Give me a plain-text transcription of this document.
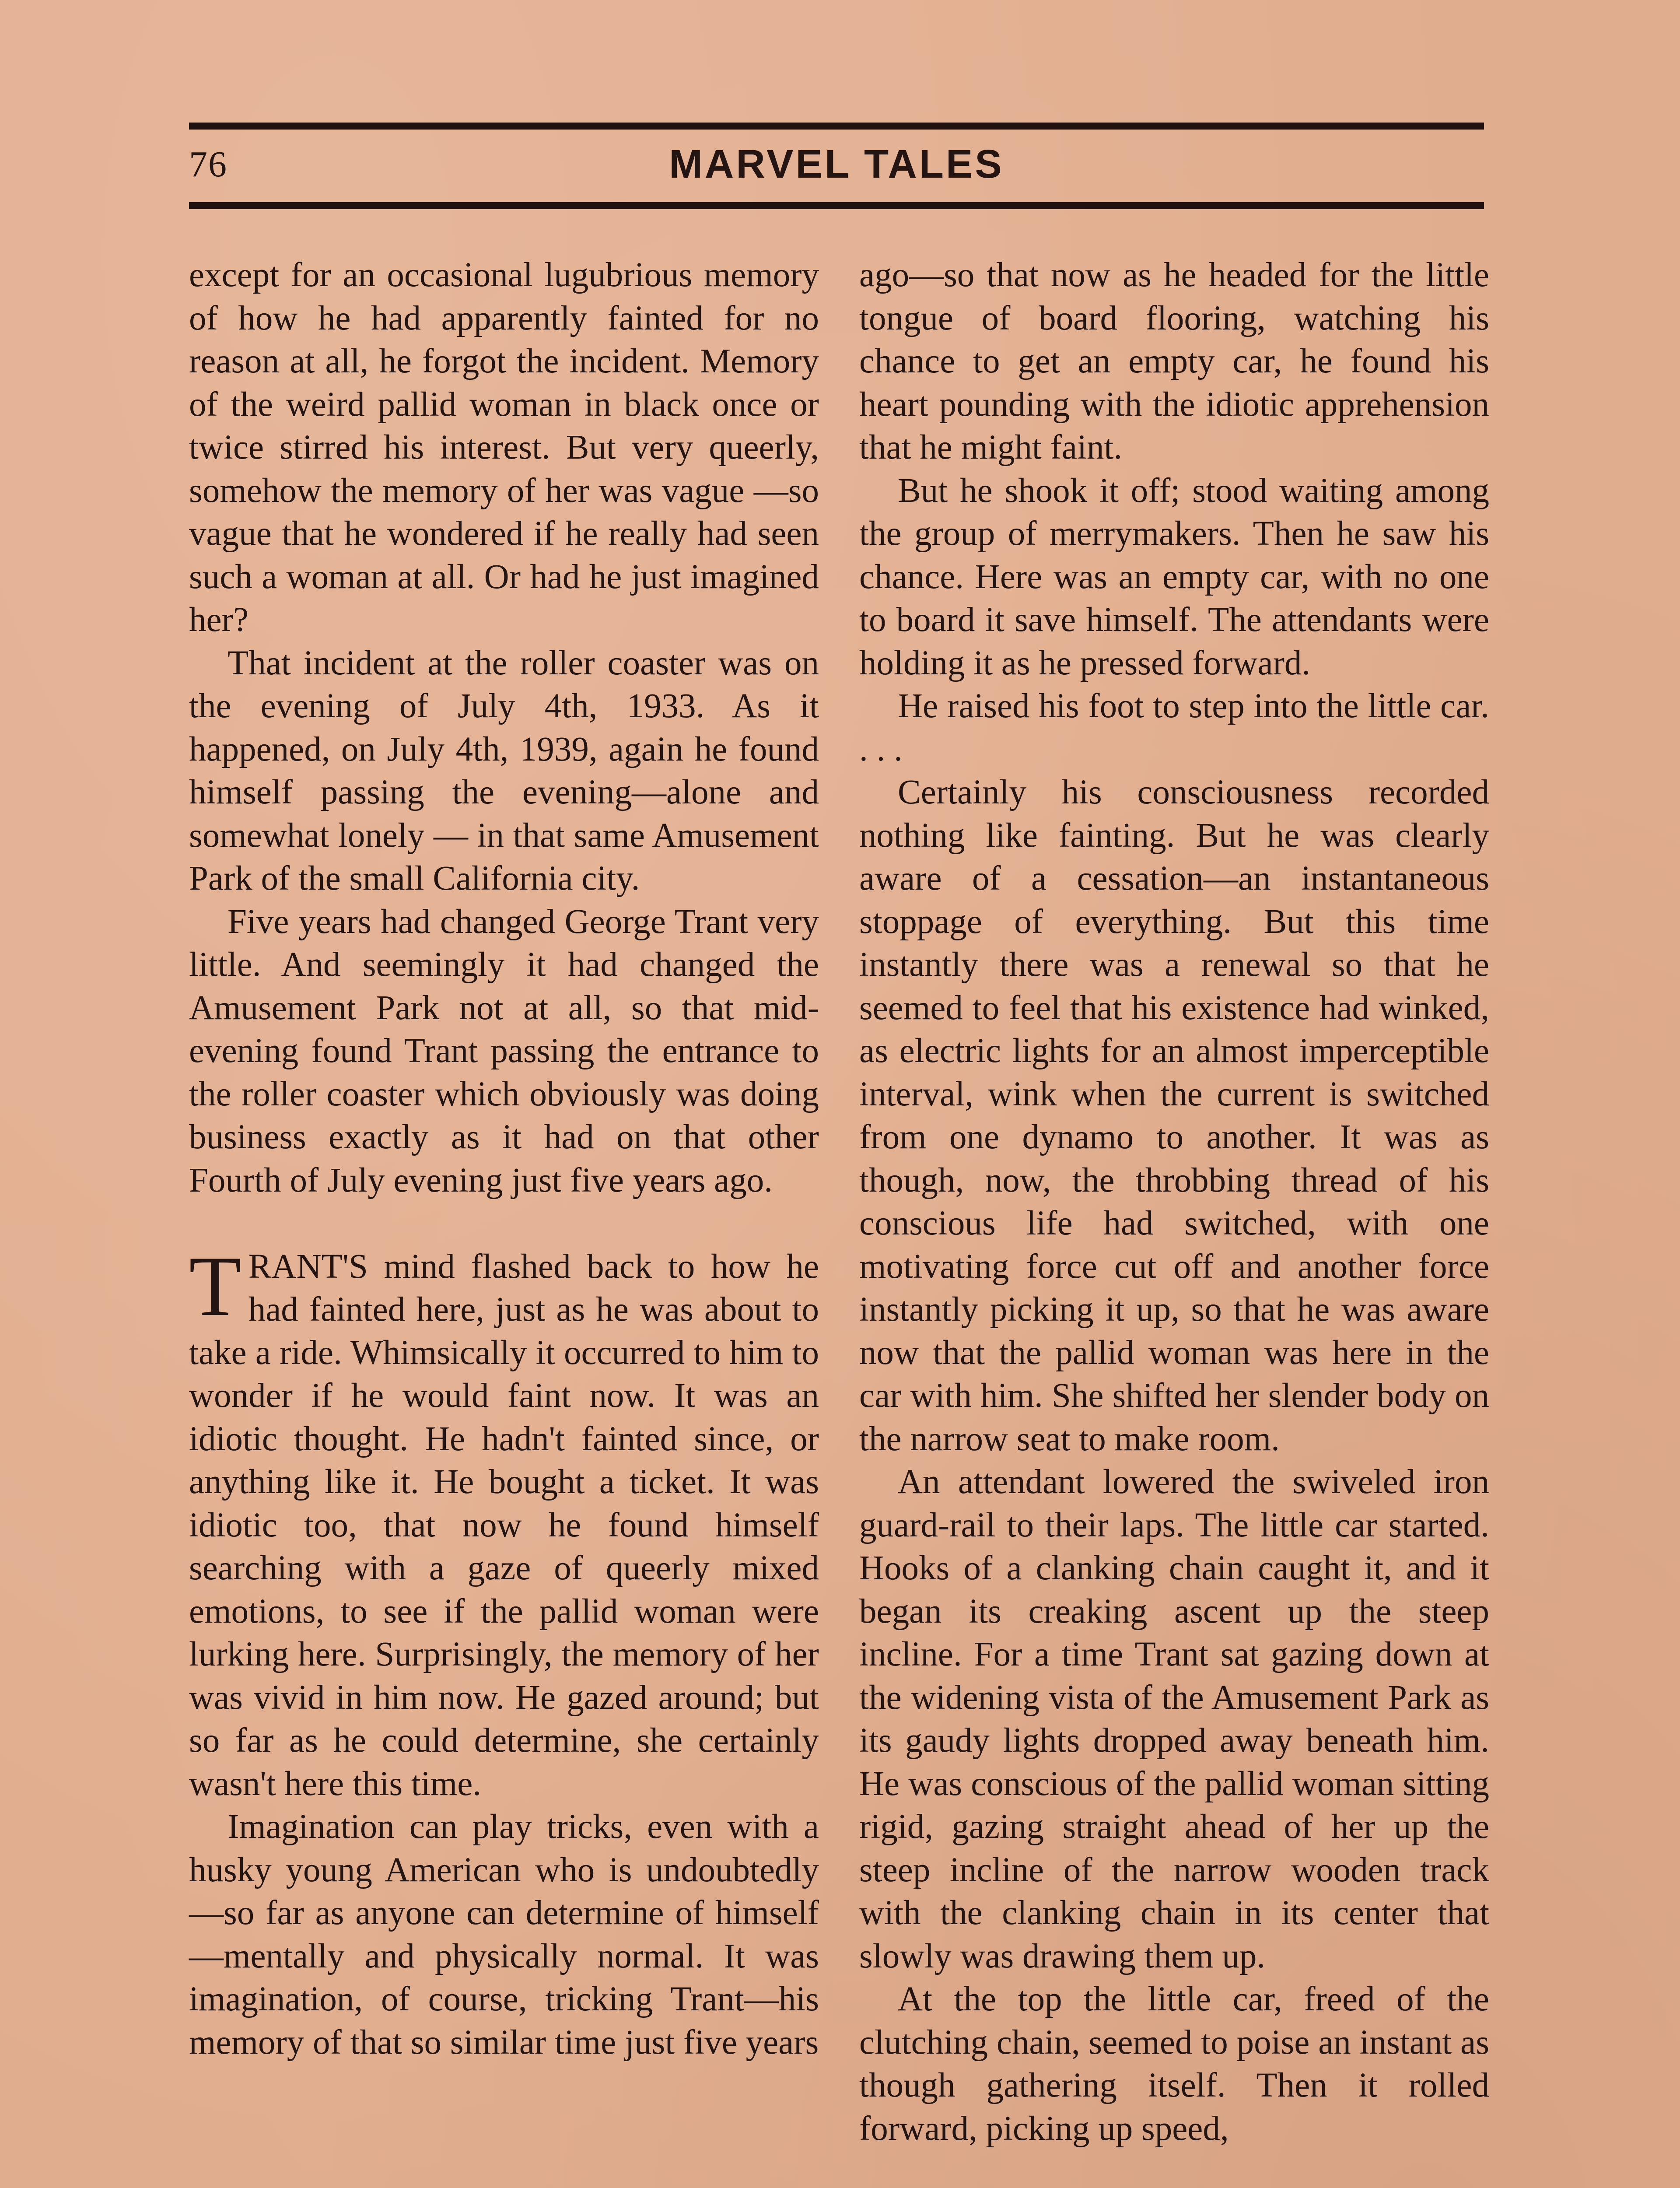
76	MARVEL TALES

except for an occasional lugubrious memory of how he had apparently fainted for no reason at all, he forgot the incident. Memory of the weird pallid woman in black once or twice stirred his interest. But very queerly, somehow the memory of her was vague —so vague that he wondered if he really had seen such a woman at all. Or had he just imagined her?

That incident at the roller coaster was on the evening of July 4th, 1933. As it happened, on July 4th, 1939, again he found himself passing the evening—alone and somewhat lonely — in that same Amusement Park of the small California city.

Five years had changed George Trant very little. And seemingly it had changed the Amusement Park not at all, so that mid-evening found Trant passing the entrance to the roller coaster which obviously was doing business exactly as it had on that other Fourth of July evening just five years ago.

TRANT'S mind flashed back to how he had fainted here, just as he was about to take a ride. Whimsically it occurred to him to wonder if he would faint now. It was an idiotic thought. He hadn't fainted since, or anything like it. He bought a ticket. It was idiotic too, that now he found himself searching with a gaze of queerly mixed emotions, to see if the pallid woman were lurking here. Surprisingly, the memory of her was vivid in him now. He gazed around; but so far as he could determine, she certainly wasn't here this time.

Imagination can play tricks, even with a husky young American who is undoubtedly—so far as anyone can determine of himself—mentally and physically normal. It was imagination, of course, tricking Trant—his memory of that so similar time just five years

ago—so that now as he headed for the little tongue of board flooring, watching his chance to get an empty car, he found his heart pounding with the idiotic apprehension that he might faint.

But he shook it off; stood waiting among the group of merrymakers. Then he saw his chance. Here was an empty car, with no one to board it save himself. The attendants were holding it as he pressed forward.

He raised his foot to step into the little car. . . .

Certainly his consciousness recorded nothing like fainting. But he was clearly aware of a cessation—an instantaneous stoppage of everything. But this time instantly there was a renewal so that he seemed to feel that his existence had winked, as electric lights for an almost imperceptible interval, wink when the current is switched from one dynamo to another. It was as though, now, the throbbing thread of his conscious life had switched, with one motivating force cut off and another force instantly picking it up, so that he was aware now that the pallid woman was here in the car with him. She shifted her slender body on the narrow seat to make room.

An attendant lowered the swiveled iron guard-rail to their laps. The little car started. Hooks of a clanking chain caught it, and it began its creaking ascent up the steep incline. For a time Trant sat gazing down at the widening vista of the Amusement Park as its gaudy lights dropped away beneath him. He was conscious of the pallid woman sitting rigid, gazing straight ahead of her up the steep incline of the narrow wooden track with the clanking chain in its center that slowly was drawing them up.

At the top the little car, freed of the clutching chain, seemed to poise an instant as though gathering itself. Then it rolled forward, picking up speed,
